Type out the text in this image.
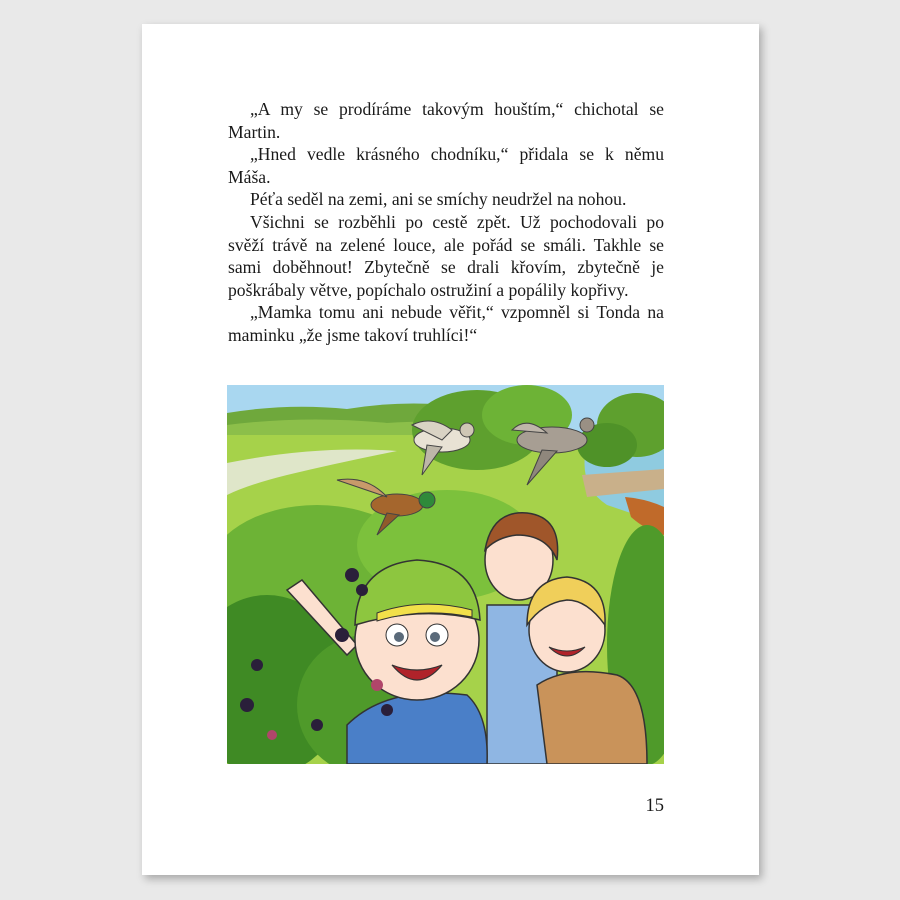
„A my se prodíráme takovým houštím,“ chichotal se Martin.

„Hned vedle krásného chodníku,“ přidala se k němu Máša.

Péťa seděl na zemi, ani se smíchy neudržel na nohou.

Všichni se rozběhli po cestě zpět. Už pochodovali po svěží trávě na zelené louce, ale pořád se smáli. Takhle se sami doběhnout! Zbytečně se drali křovím, zbytečně je poškrábaly větve, popíchalo ostružiní a popálily kopřivy.

„Mamka tomu ani nebude věřit,“ vzpomněl si Tonda na maminku „že jsme takoví truhlíci!“

15
